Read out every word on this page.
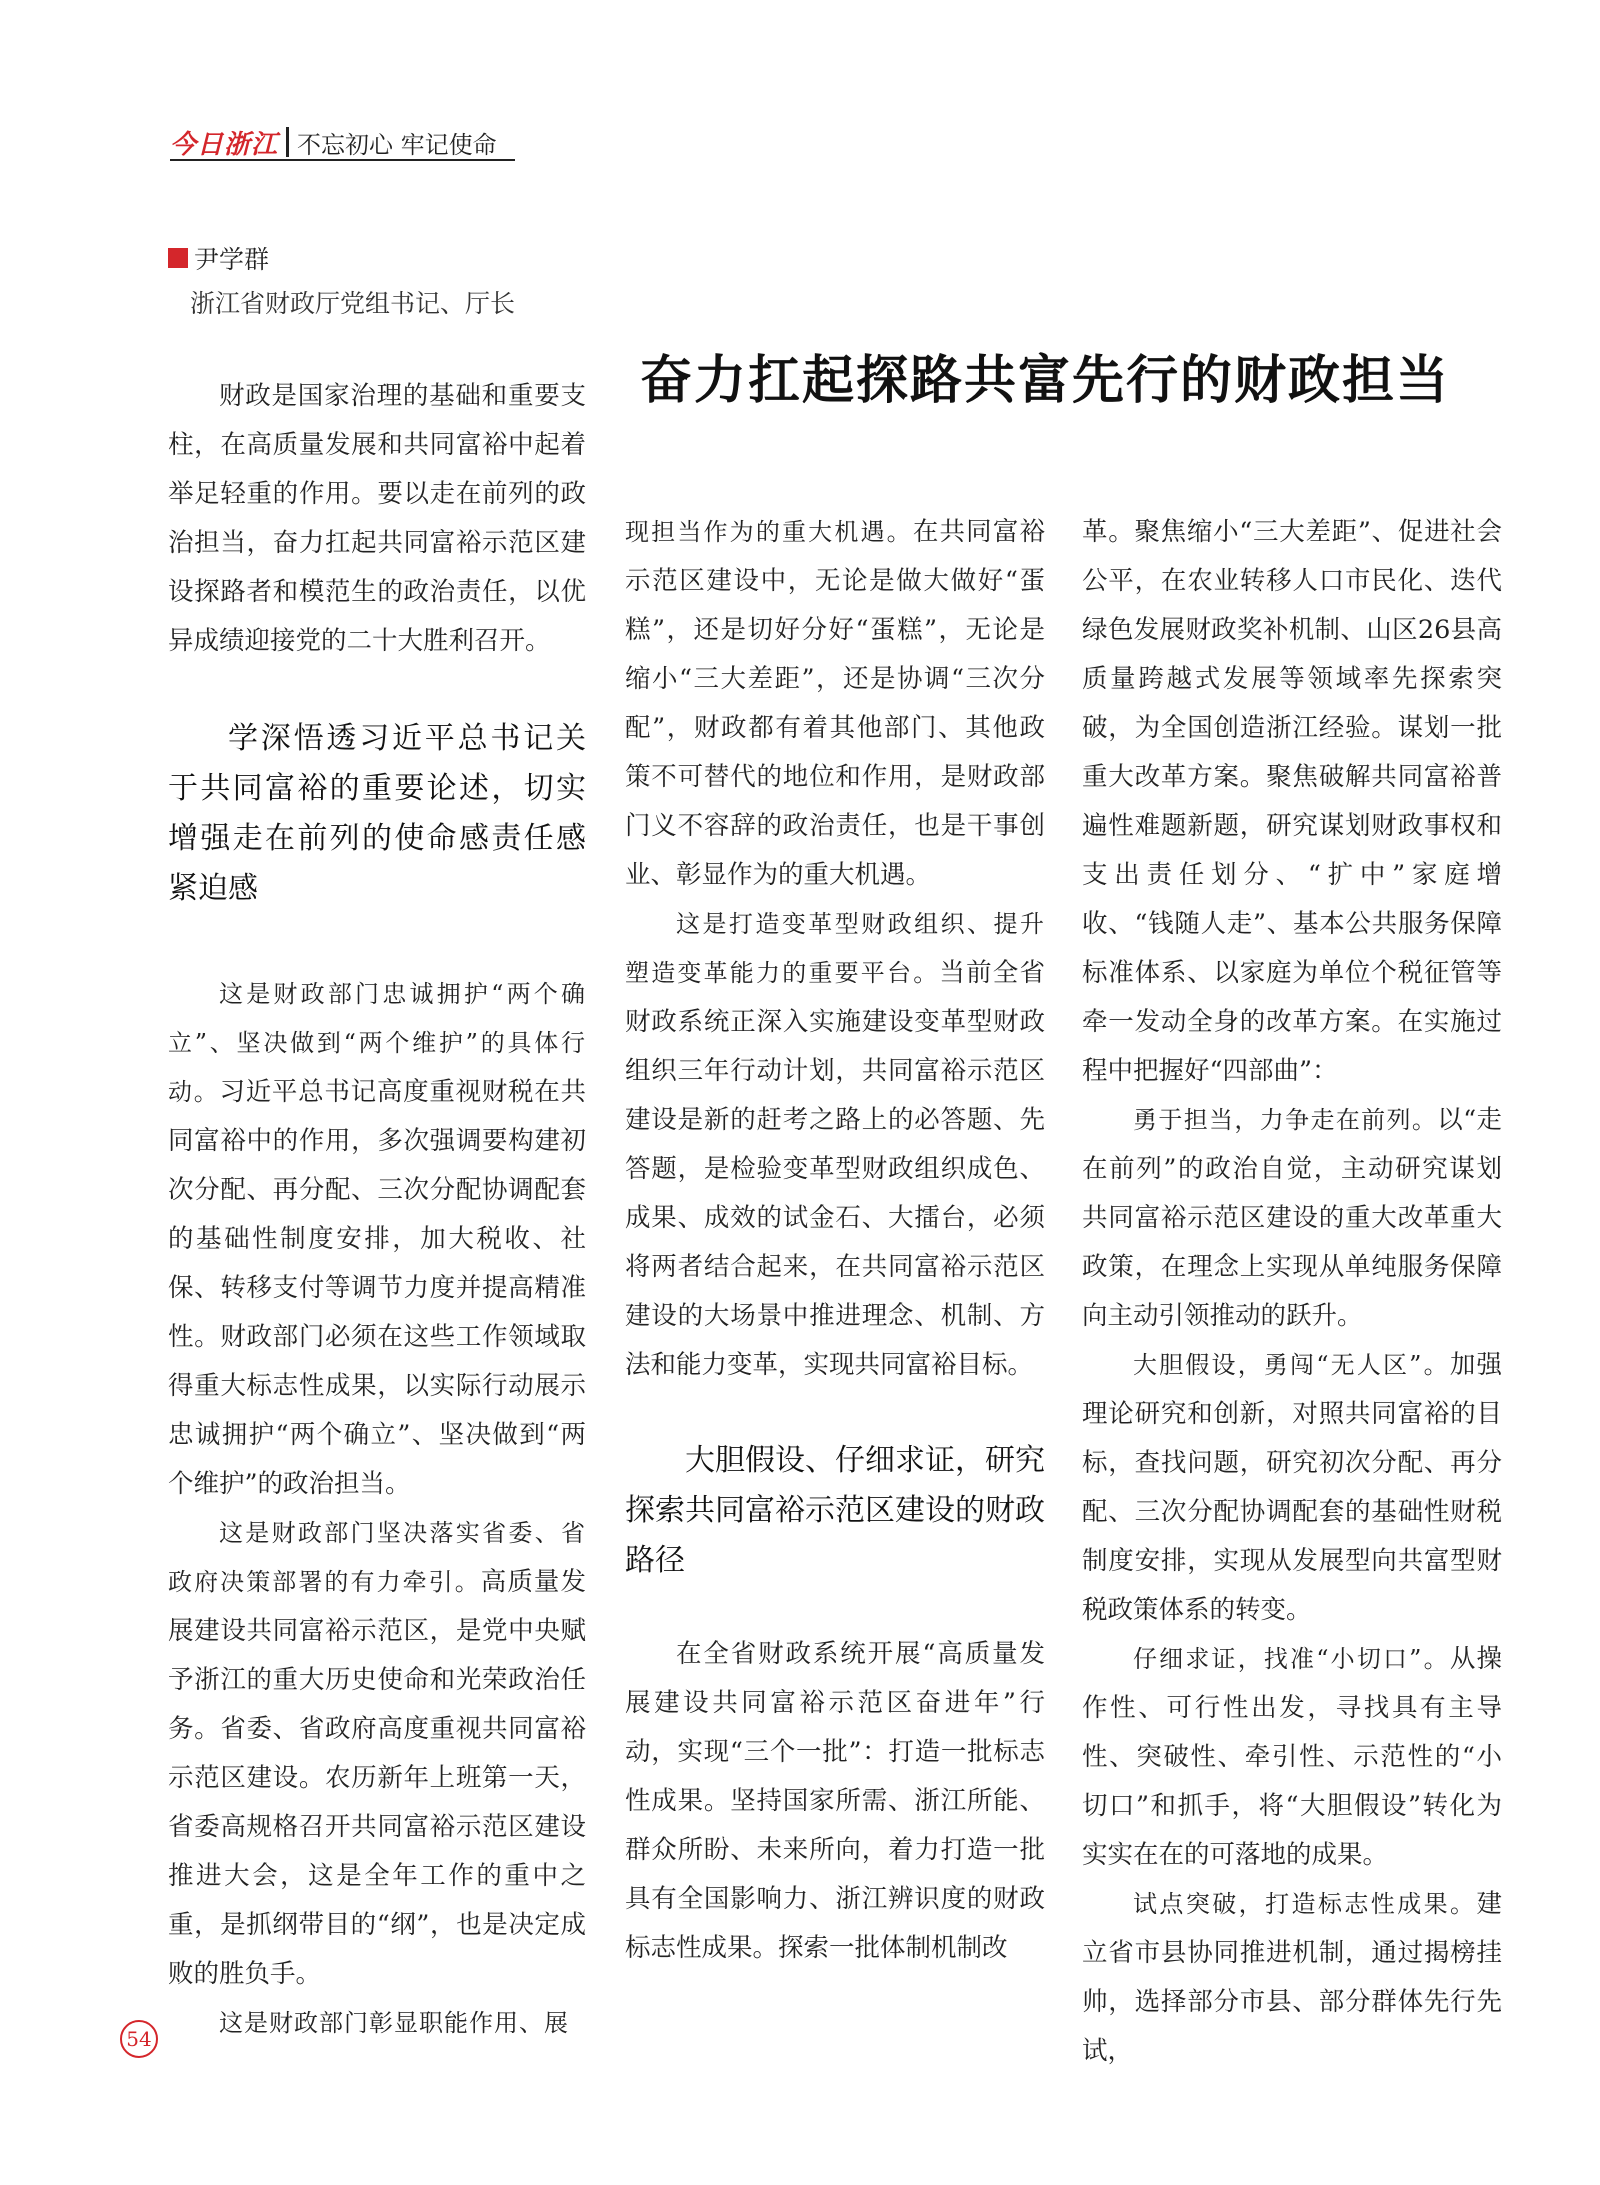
今日浙江 不忘初心 牢记使命
尹学群
浙江省财政厅党组书记、厅长
奋力扛起探路共富先行的财政担当

财政是国家治理的基础和重要支柱，在高质量发展和共同富裕中起着举足轻重的作用。要以走在前列的政治担当，奋力扛起共同富裕示范区建设探路者和模范生的政治责任，以优异成绩迎接党的二十大胜利召开。

学深悟透习近平总书记关于共同富裕的重要论述，切实增强走在前列的使命感责任感紧迫感

这是财政部门忠诚拥护“两个确立”、坚决做到“两个维护”的具体行动。习近平总书记高度重视财税在共同富裕中的作用，多次强调要构建初次分配、再分配、三次分配协调配套的基础性制度安排，加大税收、社保、转移支付等调节力度并提高精准性。财政部门必须在这些工作领域取得重大标志性成果，以实际行动展示忠诚拥护“两个确立”、坚决做到“两个维护”的政治担当。

这是财政部门坚决落实省委、省政府决策部署的有力牵引。高质量发展建设共同富裕示范区，是党中央赋予浙江的重大历史使命和光荣政治任务。省委、省政府高度重视共同富裕示范区建设。农历新年上班第一天，省委高规格召开共同富裕示范区建设推进大会，这是全年工作的重中之重，是抓纲带目的“纲”，也是决定成败的胜负手。

这是财政部门彰显职能作用、展

现担当作为的重大机遇。在共同富裕示范区建设中，无论是做大做好“蛋糕”，还是切好分好“蛋糕”，无论是缩小“三大差距”，还是协调“三次分配”，财政都有着其他部门、其他政策不可替代的地位和作用，是财政部门义不容辞的政治责任，也是干事创业、彰显作为的重大机遇。

这是打造变革型财政组织、提升塑造变革能力的重要平台。当前全省财政系统正深入实施建设变革型财政组织三年行动计划，共同富裕示范区建设是新的赶考之路上的必答题、先答题，是检验变革型财政组织成色、成果、成效的试金石、大擂台，必须将两者结合起来，在共同富裕示范区建设的大场景中推进理念、机制、方法和能力变革，实现共同富裕目标。

大胆假设、仔细求证，研究探索共同富裕示范区建设的财政路径

在全省财政系统开展“高质量发展建设共同富裕示范区奋进年”行动，实现“三个一批”：打造一批标志性成果。坚持国家所需、浙江所能、群众所盼、未来所向，着力打造一批具有全国影响力、浙江辨识度的财政标志性成果。探索一批体制机制改

革。聚焦缩小“三大差距”、促进社会公平，在农业转移人口市民化、迭代绿色发展财政奖补机制、山区26县高质量跨越式发展等领域率先探索突破，为全国创造浙江经验。谋划一批重大改革方案。聚焦破解共同富裕普遍性难题新题，研究谋划财政事权和支出责任划分、“扩中”家庭增收、“钱随人走”、基本公共服务保障标准体系、以家庭为单位个税征管等牵一发动全身的改革方案。在实施过程中把握好“四部曲”：

勇于担当，力争走在前列。以“走在前列”的政治自觉，主动研究谋划共同富裕示范区建设的重大改革重大政策，在理念上实现从单纯服务保障向主动引领推动的跃升。

大胆假设，勇闯“无人区”。加强理论研究和创新，对照共同富裕的目标，查找问题，研究初次分配、再分配、三次分配协调配套的基础性财税制度安排，实现从发展型向共富型财税政策体系的转变。

仔细求证，找准“小切口”。从操作性、可行性出发，寻找具有主导性、突破性、牵引性、示范性的“小切口”和抓手，将“大胆假设”转化为实实在在的可落地的成果。

试点突破，打造标志性成果。建立省市县协同推进机制，通过揭榜挂帅，选择部分市县、部分群体先行先试，

54
